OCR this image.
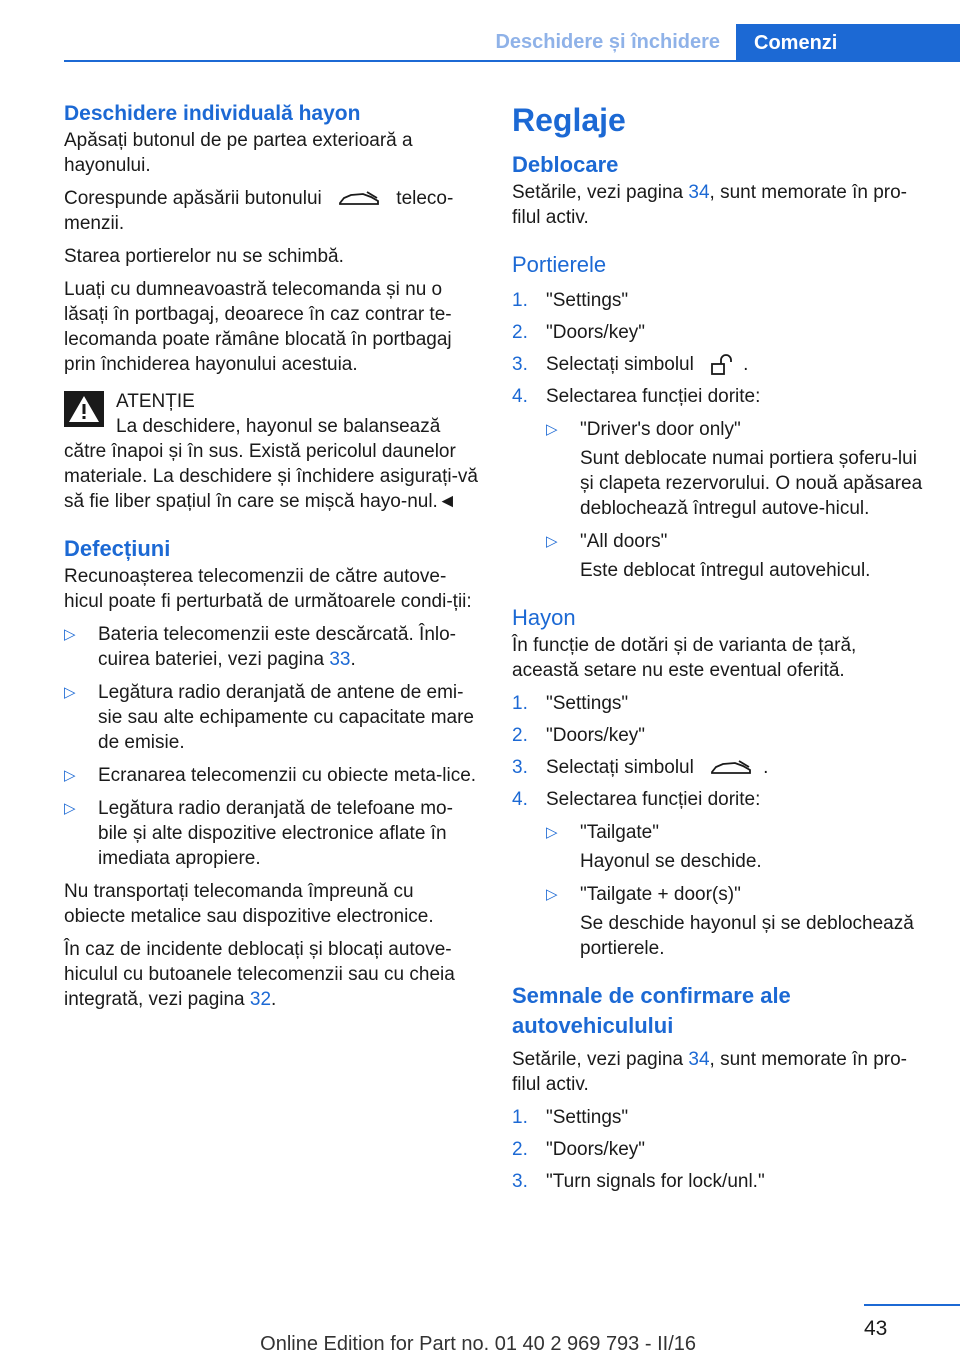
Deschidere și închidere	Comenzi
Deschidere individuală hayon

Apăsați butonul de pe partea exterioară a hayonului.

Corespunde apăsării butonului	teleco-menzii.

Starea portierelor nu se schimbă.

Luați cu dumneavoastră telecomanda și nu o lăsați în portbagaj, deoarece în caz contrar te-lecomanda poate rămâne blocată în portbagaj prin închiderea hayonului acestuia.

ATENȚIE
La deschidere, hayonul se balansează
către înapoi și în sus. Există pericolul daunelor materiale. La deschidere și închidere asigurați-vă să fie liber spațiul în care se mișcă hayo-nul.◄
Defecțiuni

Recunoașterea telecomenzii de către autove-hicul poate fi perturbată de următoarele condi-ții:

▷ Bateria telecomenzii este descărcată. Înlo-cuirea bateriei, vezi pagina 33.
▷ Legătura radio deranjată de antene de emi-sie sau alte echipamente cu capacitate mare de emisie.
▷ Ecranarea telecomenzii cu obiecte meta-lice.
▷ Legătura radio deranjată de telefoane mo-bile și alte dispozitive electronice aflate în imediata apropiere.

Nu transportați telecomanda împreună cu obiecte metalice sau dispozitive electronice.

În caz de incidente deblocați și blocați autove-hiculul cu butoanele telecomenzii sau cu cheia integrată, vezi pagina 32.

Reglaje
Deblocare

Setările, vezi pagina 34, sunt memorate în pro-filul activ.

Portierele
1. "Settings"
2. "Doors/key"
3. Selectați simbolul	.
4. Selectarea funcției dorite:
▷ "Driver's door only"

Sunt deblocate numai portiera șoferu-lui și clapeta rezervorului. O nouă apăsarea deblochează întregul autove-hicul.

▷ "All doors"

Este deblocat întregul autovehicul.

Hayon

În funcție de dotări și de varianta de țară, această setare nu este eventual oferită.

1. "Settings"
2. "Doors/key"
3. Selectați simbolul	.
4. Selectarea funcției dorite:
▷ "Tailgate"

Hayonul se deschide.

▷ "Tailgate + door(s)"

Se deschide hayonul și se deblochează portierele.

Semnale de confirmare ale autovehiculului

Setările, vezi pagina 34, sunt memorate în pro-filul activ.

1. "Settings"
2. "Doors/key"
3. "Turn signals for lock/unl."
43
Online Edition for Part no. 01 40 2 969 793 - II/16
